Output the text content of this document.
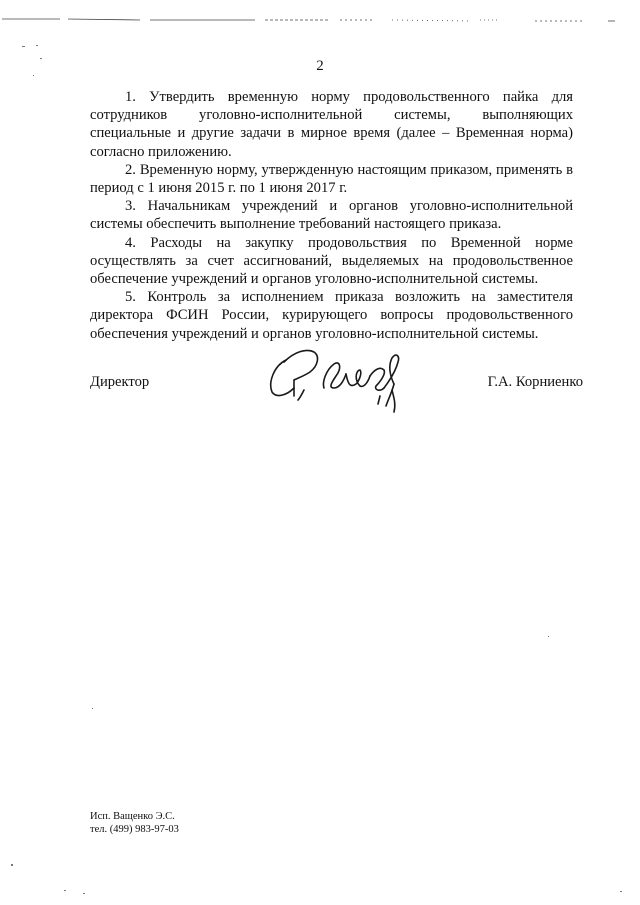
2

1. Утвердить временную норму продовольственного пайка для сотрудников уголовно-исполнительной системы, выполняющих специальные и другие задачи в мирное время (далее – Временная норма) согласно приложению.

2. Временную норму, утвержденную настоящим приказом, применять в период с 1 июня 2015 г. по 1 июня 2017 г.

3. Начальникам учреждений и органов уголовно-исполнительной системы обеспечить выполнение требований настоящего приказа.

4. Расходы на закупку продовольствия по Временной норме осуществлять за счет ассигнований, выделяемых на продовольственное обеспечение учреждений и органов уголовно-исполнительной системы.

5. Контроль за исполнением приказа возложить на заместителя директора ФСИН России, курирующего вопросы продовольственного обеспечения учреждений и органов уголовно-исполнительной системы.

Директор	Г.А. Корниенко
Исп. Ващенко Э.С.
тел. (499) 983-97-03
